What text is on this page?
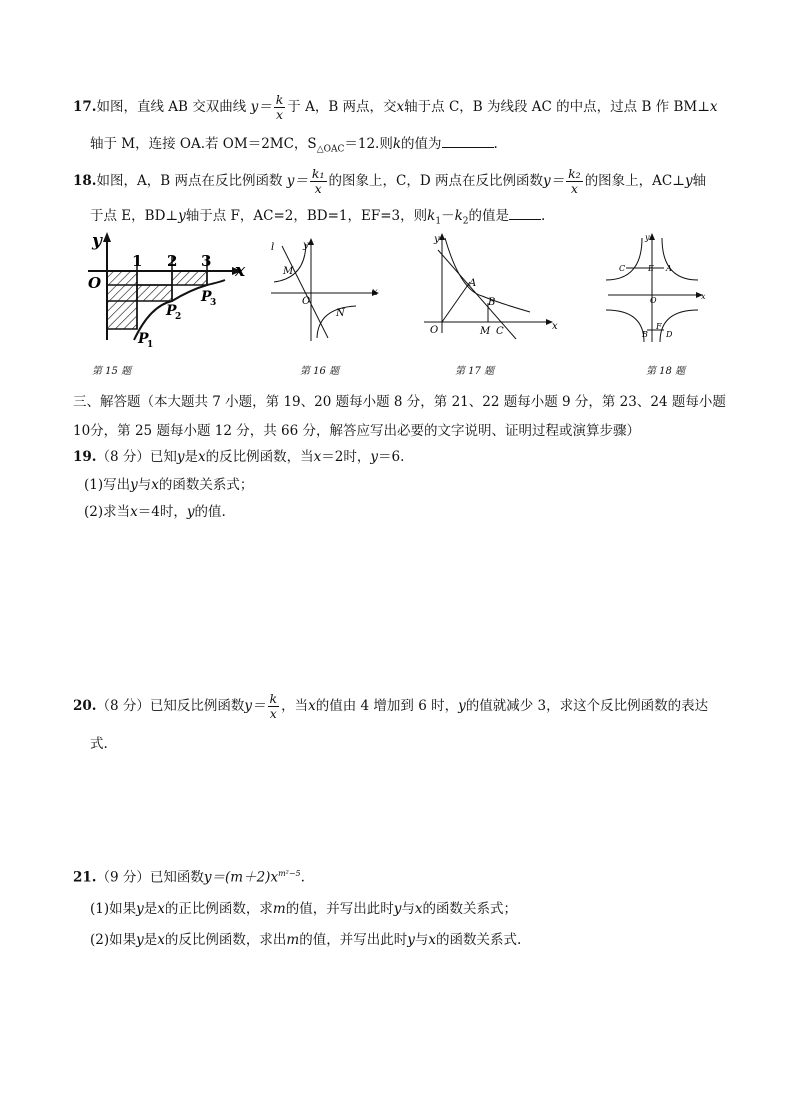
17.如图，直线 AB 交双曲线 $y= \frac{k}{x}$ 于 A，B 两点，交x轴于点 C，B 为线段 AC 的中点，过点 B 作 BM⊥x
轴于 M，连接 OA.若 OM＝2MC，$S_{\triangle OAC}=12$.则k的值为	.
18.如图，A，B 两点在反比例函数 $y= \frac{\text{k₁}}{x}$ 的图象上，C，D 两点在反比例函数$y= \frac{\text{k₂}}{x}$ 的图象上，AC⊥y轴
于点 E，BD⊥y轴于点 F，AC=2，BD=1，EF=3，则$k_1-k_2$的值是 .
y
x
O
1 2 3
P
1
P
2
P
3
第 15 题
l	y
x
O
M
N
第 16 题
y
x
O
A
B
M C
第 17 题
y
x
O
C	E A
B
F
D
第 18 题
三、解答题（本大题共 7 小题，第 19、20 题每小题 8 分，第 21、22 题每小题 9 分，第 23、24 题每小题
10分，第 25 题每小题 12 分，共 66 分，解答应写出必要的文字说明、证明过程或演算步骤）
19.（8 分）已知y是x的反比例函数，当x＝2时，y＝6.
(1)写出y与x的函数关系式；
(2)求当x＝4时，y的值.
20.（8 分）已知反比例函数$y= \frac{k}{x}$ ，当x的值由 4 增加到 6 时，y的值就减少 3，求这个反比例函数的表达
式.
21.（9 分）已知函数$y=(m+2)x^{m^2-5}$.
(1)如果y是x的正比例函数，求m的值，并写出此时y与x的函数关系式；
(2)如果y是x的反比例函数，求出m的值，并写出此时y与x的函数关系式.
